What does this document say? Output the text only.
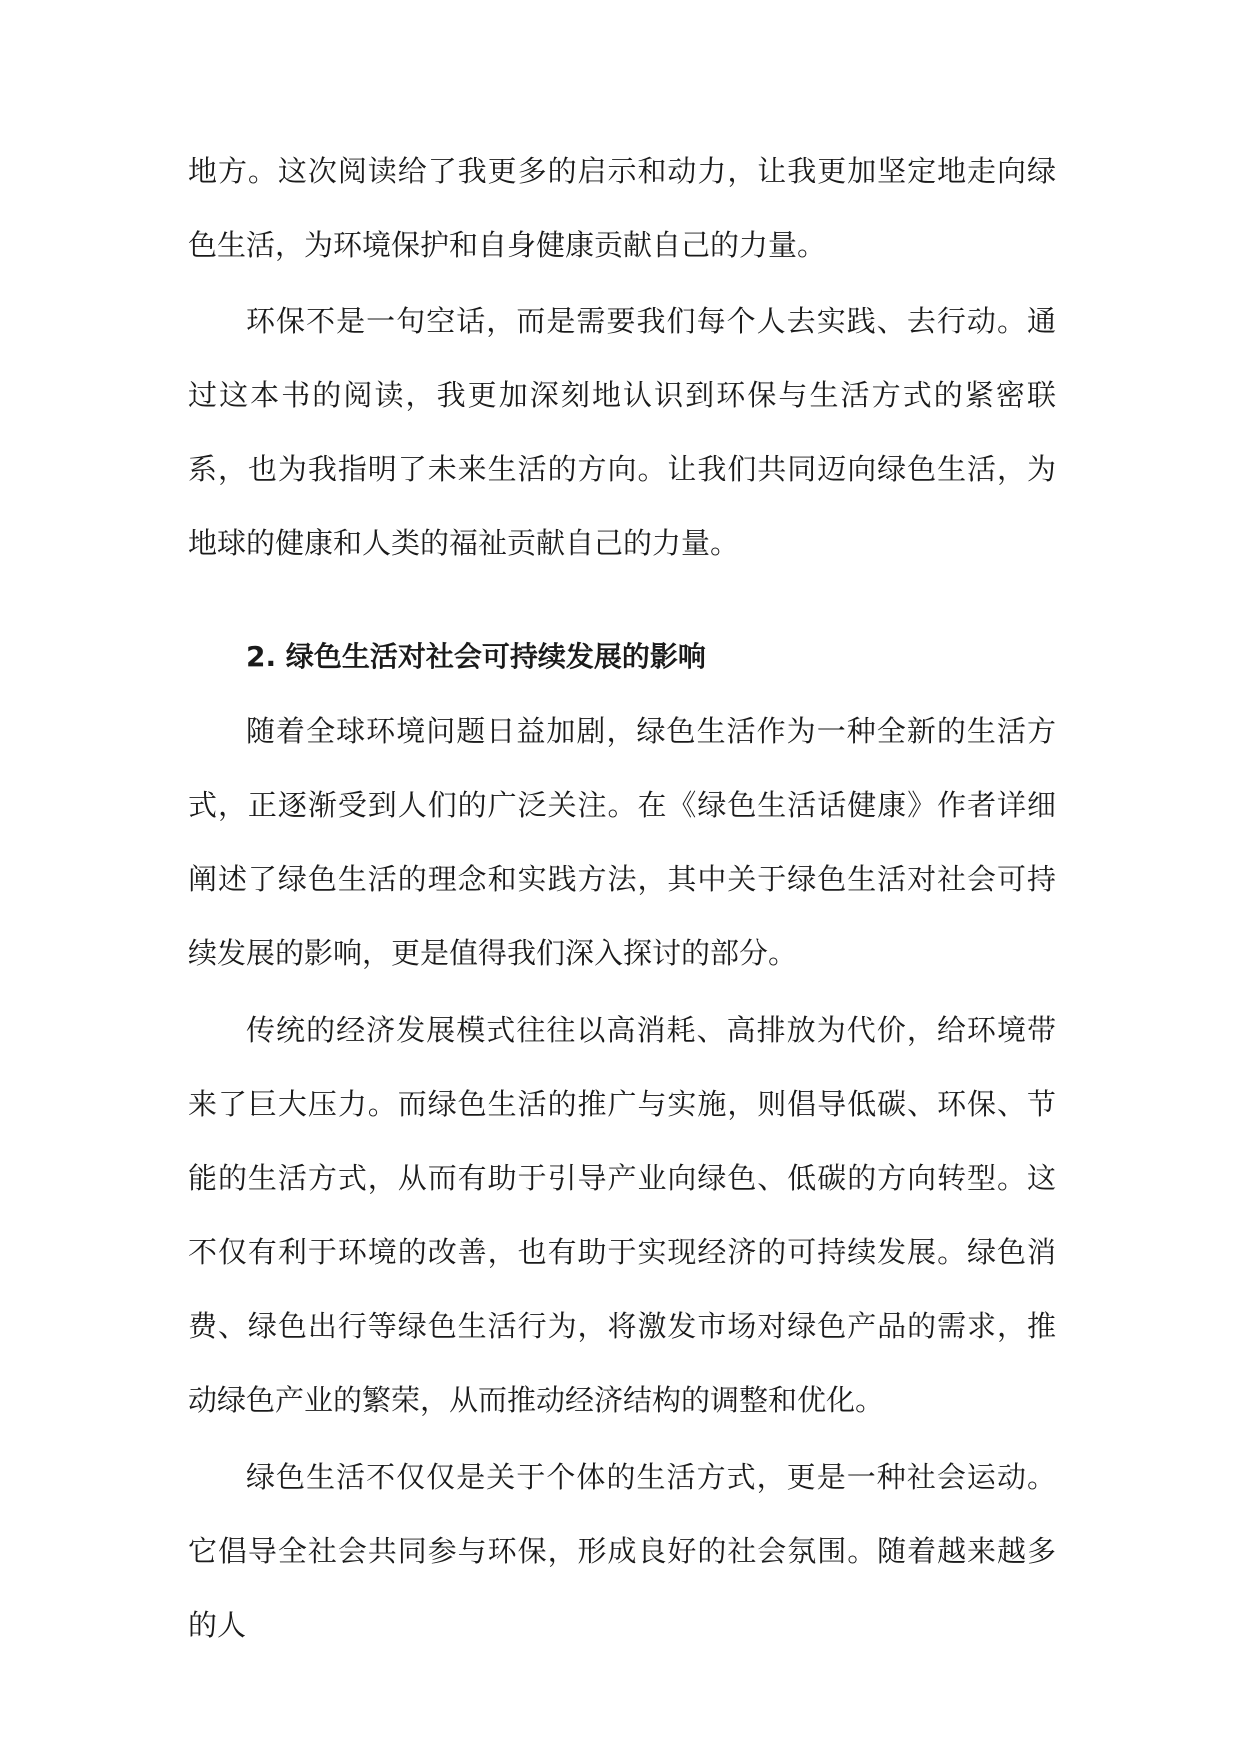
地方。这次阅读给了我更多的启示和动力，让我更加坚定地走向绿色生活，为环境保护和自身健康贡献自己的力量。

环保不是一句空话，而是需要我们每个人去实践、去行动。通过这本书的阅读，我更加深刻地认识到环保与生活方式的紧密联系，也为我指明了未来生活的方向。让我们共同迈向绿色生活，为地球的健康和人类的福祉贡献自己的力量。

2. 绿色生活对社会可持续发展的影响

随着全球环境问题日益加剧，绿色生活作为一种全新的生活方式，正逐渐受到人们的广泛关注。在《绿色生活话健康》作者详细阐述了绿色生活的理念和实践方法，其中关于绿色生活对社会可持续发展的影响，更是值得我们深入探讨的部分。

传统的经济发展模式往往以高消耗、高排放为代价，给环境带来了巨大压力。而绿色生活的推广与实施，则倡导低碳、环保、节能的生活方式，从而有助于引导产业向绿色、低碳的方向转型。这不仅有利于环境的改善，也有助于实现经济的可持续发展。绿色消费、绿色出行等绿色生活行为，将激发市场对绿色产品的需求，推动绿色产业的繁荣，从而推动经济结构的调整和优化。

绿色生活不仅仅是关于个体的生活方式，更是一种社会运动。它倡导全社会共同参与环保，形成良好的社会氛围。随着越来越多的人
